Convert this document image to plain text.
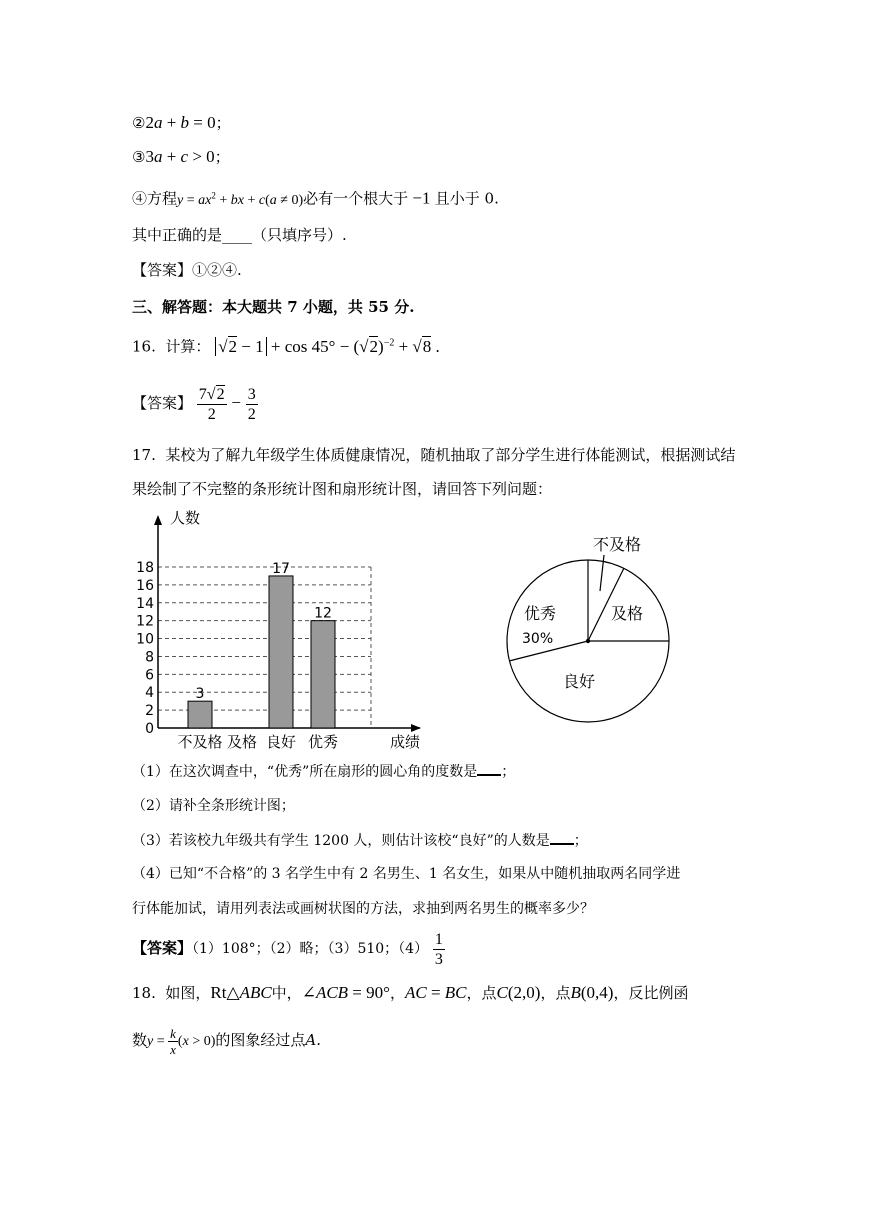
②2a + b = 0；
③3a + c > 0；
④方程$y = ax^2$ + bx + c(a ≠ 0)必有一个根大于 −1 且小于 0.
其中正确的是____（只填序号）.
【答案】①②④.
三、解答题：本大题共 7 小题，共 55 分.
16. 计算： $√2 - 1 + \cos 45^\circ - (√2)^{-2} + √8$ .
【答案】 $\frac{7√2}{2} - \frac{3}{2}$
17. 某校为了解九年级学生体质健康情况，随机抽取了部分学生进行体能测试，根据测试结
果绘制了不完整的条形统计图和扇形统计图，请回答下列问题：
0
2
4
6
8
10
12
14
16
18
不及格 及格 良好 优秀
3
17
12
人数
成绩
不及格
及格
良好
优秀
30%
（1）在这次调查中，“优秀”所在扇形的圆心角的度数是 ；
（2）请补全条形统计图；
（3）若该校九年级共有学生 1200 人，则估计该校“良好”的人数是 ；
（4）已知“不合格”的 3 名学生中有 2 名男生、1 名女生，如果从中随机抽取两名同学进
行体能加试，请用列表法或画树状图的方法，求抽到两名男生的概率多少？
【答案】（1）108°；（2）略；（3）510；$(4) \frac{1}{3}$
18. 如图，Rt△ABC中，∠ACB = 90°，AC = BC，点C(2,0)，点B(0,4)，反比例函
数$y = \frac{k}{x} (x > 0)$的图象经过点A.
